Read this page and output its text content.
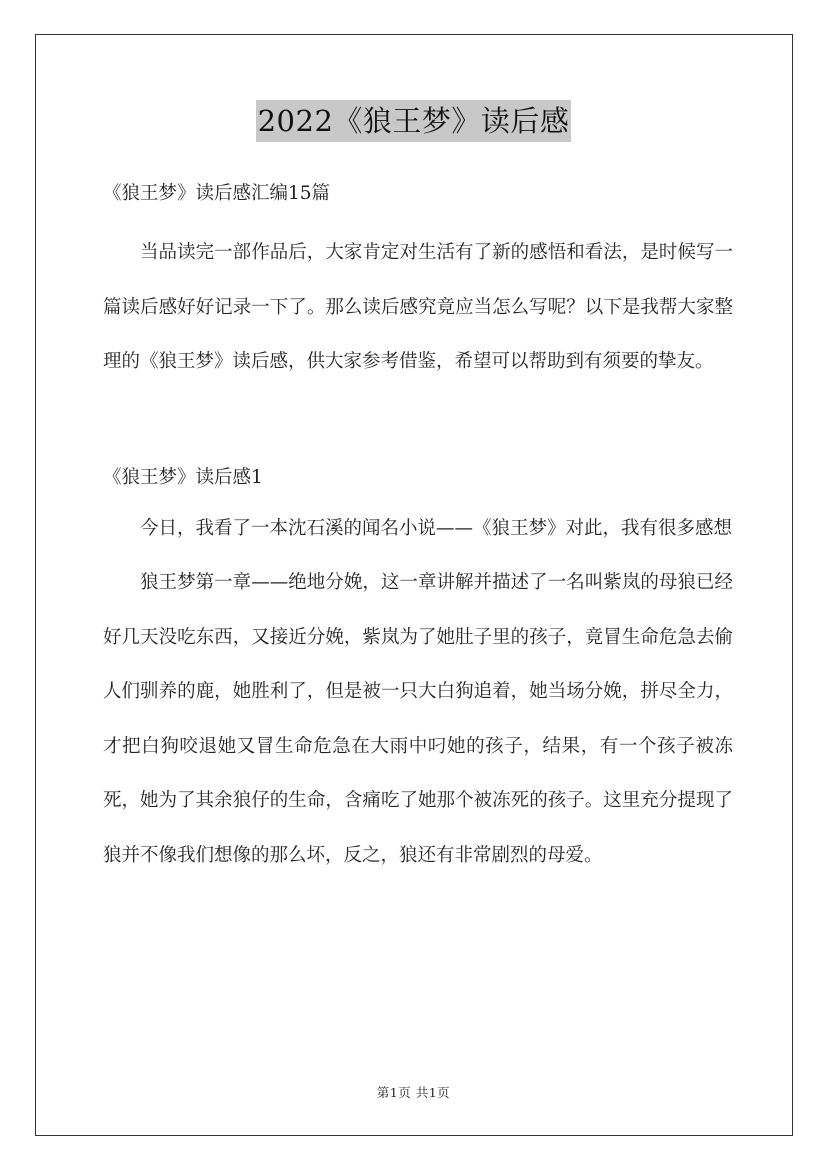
2022《狼王梦》读后感

《狼王梦》读后感汇编15篇

当品读完一部作品后，大家肯定对生活有了新的感悟和看法，是时候写一篇读后感好好记录一下了。那么读后感究竟应当怎么写呢？以下是我帮大家整理的《狼王梦》读后感，供大家参考借鉴，希望可以帮助到有须要的挚友。

《狼王梦》读后感1

今日，我看了一本沈石溪的闻名小说——《狼王梦》对此，我有很多感想

狼王梦第一章——绝地分娩，这一章讲解并描述了一名叫紫岚的母狼已经好几天没吃东西，又接近分娩，紫岚为了她肚子里的孩子，竟冒生命危急去偷人们驯养的鹿，她胜利了，但是被一只大白狗追着，她当场分娩，拼尽全力，才把白狗咬退她又冒生命危急在大雨中叼她的孩子，结果，有一个孩子被冻死，她为了其余狼仔的生命，含痛吃了她那个被冻死的孩子。这里充分提现了狼并不像我们想像的那么坏，反之，狼还有非常剧烈的母爱。

第1页 共1页
